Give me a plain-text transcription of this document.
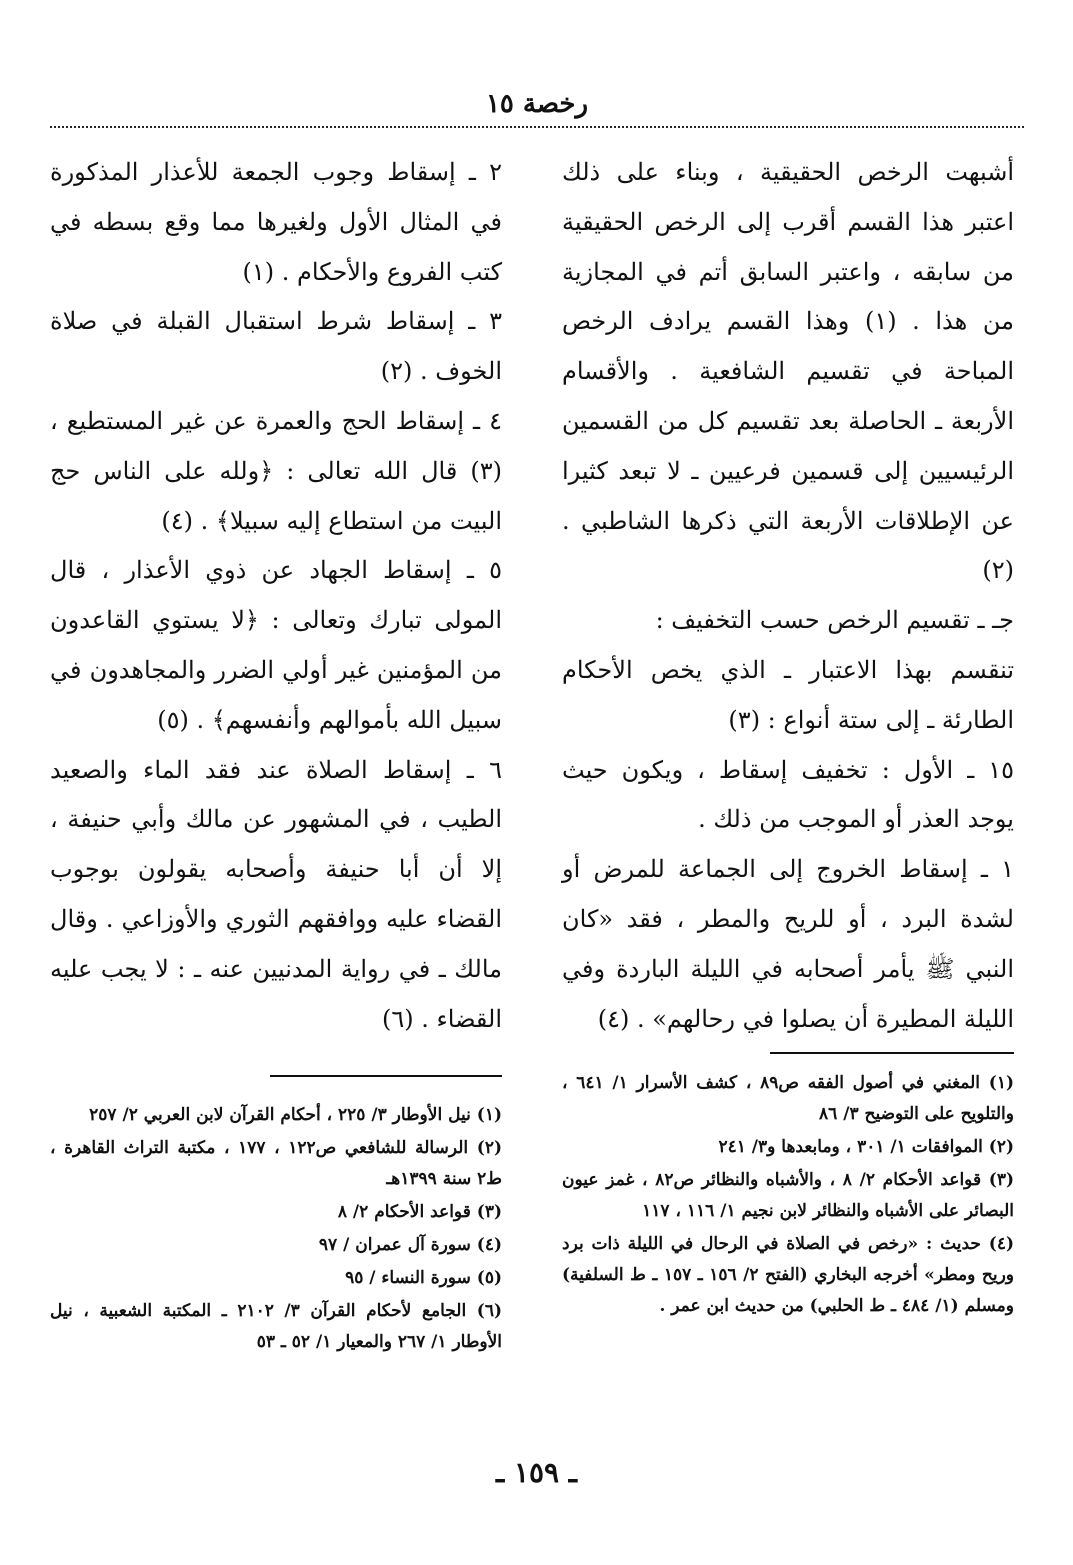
رخصة ١٥

أشبهت الرخص الحقيقية ، وبناء على ذلك اعتبر هذا القسم أقرب إلى الرخص الحقيقية من سابقه ، واعتبر السابق أتم في المجازية من هذا . (١) وهذا القسم يرادف الرخص المباحة في تقسيم الشافعية . والأقسام الأربعة ـ الحاصلة بعد تقسيم كل من القسمين الرئيسيين إلى قسمين فرعيين ـ لا تبعد كثيرا عن الإطلاقات الأربعة التي ذكرها الشاطبي . (٢)

جـ ـ تقسيم الرخص حسب التخفيف :

تنقسم بهذا الاعتبار ـ الذي يخص الأحكام الطارئة ـ إلى ستة أنواع : (٣)

١٥ ـ الأول : تخفيف إسقاط ، ويكون حيث يوجد العذر أو الموجب من ذلك .

١ ـ إسقاط الخروج إلى الجماعة للمرض أو لشدة البرد ، أو للريح والمطر ، فقد «كان النبي ﷺ يأمر أصحابه في الليلة الباردة وفي الليلة المطيرة أن يصلوا في رحالهم» . (٤)

٢ ـ إسقاط وجوب الجمعة للأعذار المذكورة في المثال الأول ولغيرها مما وقع بسطه في كتب الفروع والأحكام . (١)

٣ ـ إسقاط شرط استقبال القبلة في صلاة الخوف . (٢)

٤ ـ إسقاط الحج والعمرة عن غير المستطيع ، (٣) قال الله تعالى : ﴿ولله على الناس حج البيت من استطاع إليه سبيلا﴾ . (٤)

٥ ـ إسقاط الجهاد عن ذوي الأعذار ، قال المولى تبارك وتعالى : ﴿لا يستوي القاعدون من المؤمنين غير أولي الضرر والمجاهدون في سبيل الله بأموالهم وأنفسهم﴾ . (٥)

٦ ـ إسقاط الصلاة عند فقد الماء والصعيد الطيب ، في المشهور عن مالك وأبي حنيفة ، إلا أن أبا حنيفة وأصحابه يقولون بوجوب القضاء عليه ووافقهم الثوري والأوزاعي . وقال مالك ـ في رواية المدنيين عنه ـ : لا يجب عليه القضاء . (٦)

(١) المغني في أصول الفقه ص٨٩ ، كشف الأسرار ١/ ٦٤١ ، والتلويح على التوضيح ٣/ ٨٦

(٢) الموافقات ١/ ٣٠١ ، ومابعدها و٣/ ٢٤١

(٣) قواعد الأحكام ٢/ ٨ ، والأشباه والنظائر ص٨٢ ، غمز عيون البصائر على الأشباه والنظائر لابن نجيم ١/ ١١٦ ، ١١٧

(٤) حديث : «رخص في الصلاة في الرحال في الليلة ذات برد وريح ومطر» أخرجه البخاري (الفتح ٢/ ١٥٦ ـ ١٥٧ ـ ط السلفية) ومسلم (١/ ٤٨٤ ـ ط الحلبي) من حديث ابن عمر .

(١) نيل الأوطار ٣/ ٢٢٥ ، أحكام القرآن لابن العربي ٢/ ٢٥٧

(٢) الرسالة للشافعي ص١٢٢ ، ١٧٧ ، مكتبة التراث القاهرة ، ط٢ سنة ١٣٩٩هـ

(٣) قواعد الأحكام ٢/ ٨

(٤) سورة آل عمران / ٩٧

(٥) سورة النساء / ٩٥

(٦) الجامع لأحكام القرآن ٣/ ٢١٠٢ ـ المكتبة الشعبية ، نيل الأوطار ١/ ٢٦٧ والمعيار ١/ ٥٢ ـ ٥٣

ـ ١٥٩ ـ
